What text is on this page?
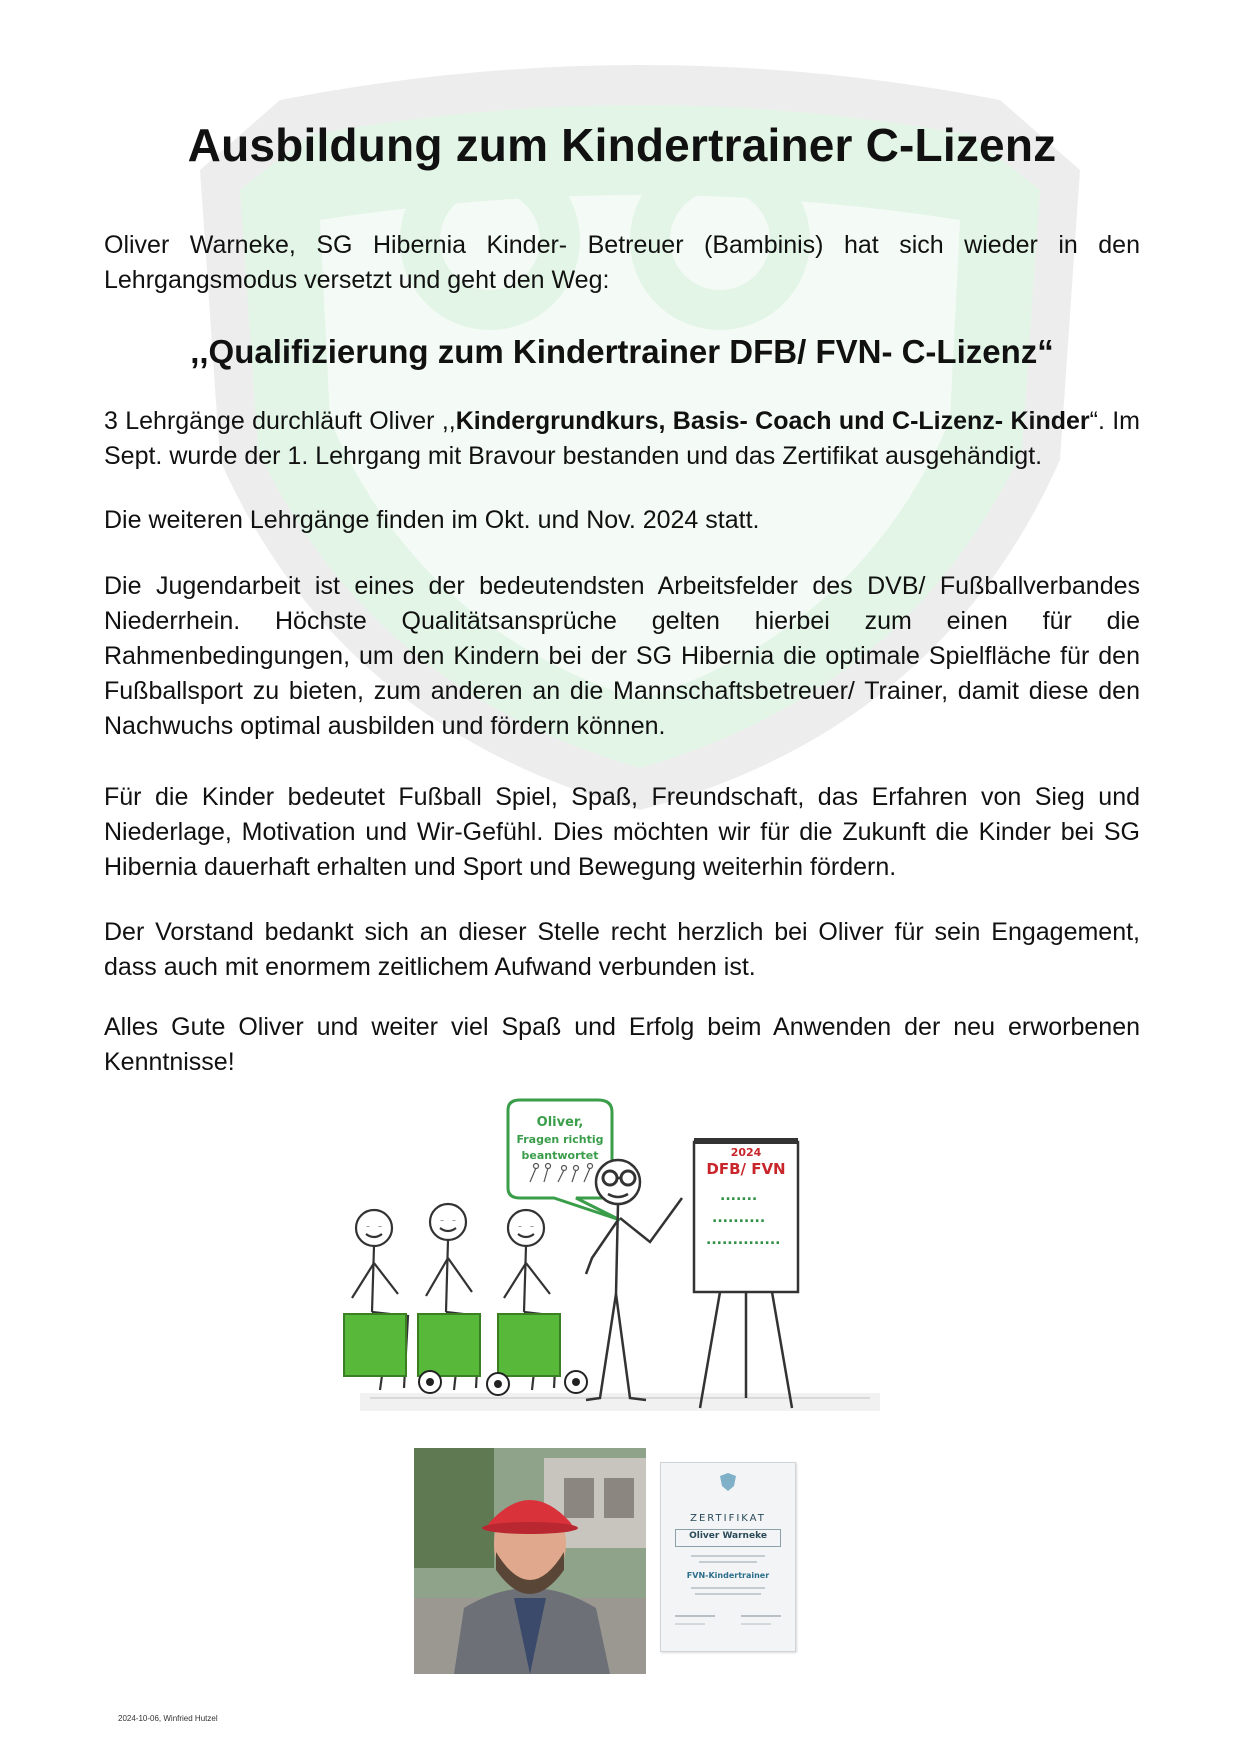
Ausbildung zum Kindertrainer C-Lizenz

Oliver Warneke, SG Hibernia Kinder- Betreuer (Bambinis) hat sich wieder in den Lehrgangsmodus versetzt und geht den Weg:

,,Qualifizierung zum Kindertrainer DFB/ FVN- C-Lizenz“

3 Lehrgänge durchläuft Oliver ,,Kindergrundkurs, Basis- Coach und C-Lizenz- Kinder“. Im Sept. wurde der 1. Lehrgang mit Bravour bestanden und das Zertifikat ausgehändigt.

Die weiteren Lehrgänge finden im Okt. und Nov. 2024 statt.

Die Jugendarbeit ist eines der bedeutendsten Arbeitsfelder des DVB/ Fußballverbandes Niederrhein. Höchste Qualitätsansprüche gelten hierbei zum einen für die Rahmenbedingungen, um den Kindern bei der SG Hibernia die optimale Spielfläche für den Fußballsport zu bieten, zum anderen an die Mannschaftsbetreuer/ Trainer, damit diese den Nachwuchs optimal ausbilden und fördern können.

Für die Kinder bedeutet Fußball Spiel, Spaß, Freundschaft, das Erfahren von Sieg und Niederlage, Motivation und Wir-Gefühl. Dies möchten wir für die Zukunft die Kinder bei SG Hibernia dauerhaft erhalten und Sport und Bewegung weiterhin fördern.

Der Vorstand bedankt sich an dieser Stelle recht herzlich bei Oliver für sein Engagement, dass auch mit enormem zeitlichem Aufwand verbunden ist.

Alles Gute Oliver und weiter viel Spaß und Erfolg beim Anwenden der neu erworbenen Kenntnisse!

Oliver,
Fragen richtig
beantwortet	2024
DFB/ FVN
.......
..........
..............
ZERTIFIKAT
Oliver Warneke
FVN-Kindertrainer
2024-10-06, Winfried Hutzel
